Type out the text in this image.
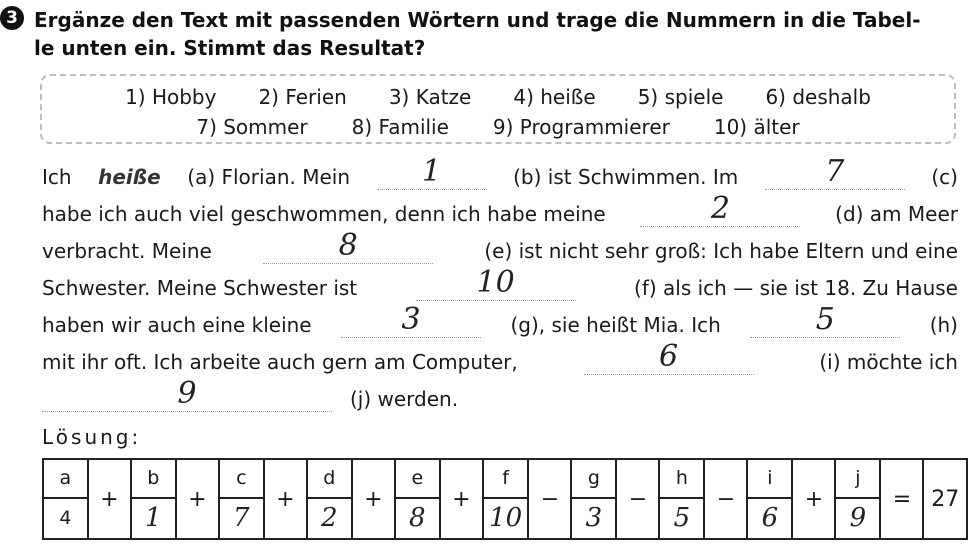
3 Ergänze den Text mit passenden Wörtern und trage die Nummern in die Tabel-
le unten ein. Stimmt das Resultat?
1) Hobby 2) Ferien 3) Katze 4) heiße 5) spiele 6) deshalb
7) Sommer 8) Familie 9) Programmierer 10) älter
Ich heiße (a) Florian. Mein	1	(b) ist Schwimmen. Im	7	(c)
habe ich auch viel geschwommen, denn ich habe meine	2	(d) am Meer
verbracht. Meine	8	(e) ist nicht sehr groß: Ich habe Eltern und eine
Schwester. Meine Schwester ist	10	(f) als ich — sie ist 18. Zu Hause
haben wir auch eine kleine	3	(g), sie heißt Mia. Ich	5	(h)
mit ihr oft. Ich arbeite auch gern am Computer,	6	(i) möchte ich
9	(j) werden.
Lösung:
a	+	b	+	c	+	d	+	e	+	f	−	g	−	h	−	i	+	j	=	27
4		1		7		2		8		10		3		5		6		9		
